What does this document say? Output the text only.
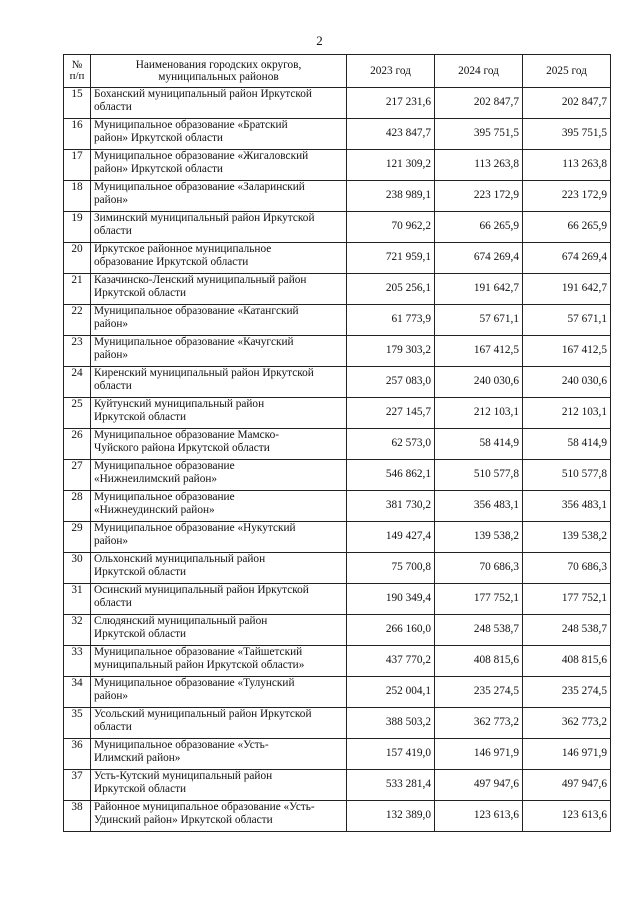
2
№
п/п	Наименования городских округов,
муниципальных районов	2023 год	2024 год	2025 год
15	Боханский муниципальный район Иркутской
области	217 231,6	202 847,7	202 847,7
16	Муниципальное образование «Братский
район» Иркутской области	423 847,7	395 751,5	395 751,5
17	Муниципальное образование «Жигаловский
район» Иркутской области	121 309,2	113 263,8	113 263,8
18	Муниципальное образование «Заларинский
район»	238 989,1	223 172,9	223 172,9
19	Зиминский муниципальный район Иркутской
области	70 962,2	66 265,9	66 265,9
20	Иркутское районное муниципальное
образование Иркутской области	721 959,1	674 269,4	674 269,4
21	Казачинско-Ленский муниципальный район
Иркутской области	205 256,1	191 642,7	191 642,7
22	Муниципальное образование «Катангский
район»	61 773,9	57 671,1	57 671,1
23	Муниципальное образование «Качугский
район»	179 303,2	167 412,5	167 412,5
24	Киренский муниципальный район Иркутской
области	257 083,0	240 030,6	240 030,6
25	Куйтунский муниципальный район
Иркутской области	227 145,7	212 103,1	212 103,1
26	Муниципальное образование Мамско-
Чуйского района Иркутской области	62 573,0	58 414,9	58 414,9
27	Муниципальное образование
«Нижнеилимский район»	546 862,1	510 577,8	510 577,8
28	Муниципальное образование
«Нижнеудинский район»	381 730,2	356 483,1	356 483,1
29	Муниципальное образование «Нукутский
район»	149 427,4	139 538,2	139 538,2
30	Ольхонский муниципальный район
Иркутской области	75 700,8	70 686,3	70 686,3
31	Осинский муниципальный район Иркутской
области	190 349,4	177 752,1	177 752,1
32	Слюдянский муниципальный район
Иркутской области	266 160,0	248 538,7	248 538,7
33	Муниципальное образование «Тайшетский
муниципальный район Иркутской области»	437 770,2	408 815,6	408 815,6
34	Муниципальное образование «Тулунский
район»	252 004,1	235 274,5	235 274,5
35	Усольский муниципальный район Иркутской
области	388 503,2	362 773,2	362 773,2
36	Муниципальное образование «Усть-
Илимский район»	157 419,0	146 971,9	146 971,9
37	Усть-Кутский муниципальный район
Иркутской области	533 281,4	497 947,6	497 947,6
38	Районное муниципальное образование «Усть-
Удинский район» Иркутской области	132 389,0	123 613,6	123 613,6
